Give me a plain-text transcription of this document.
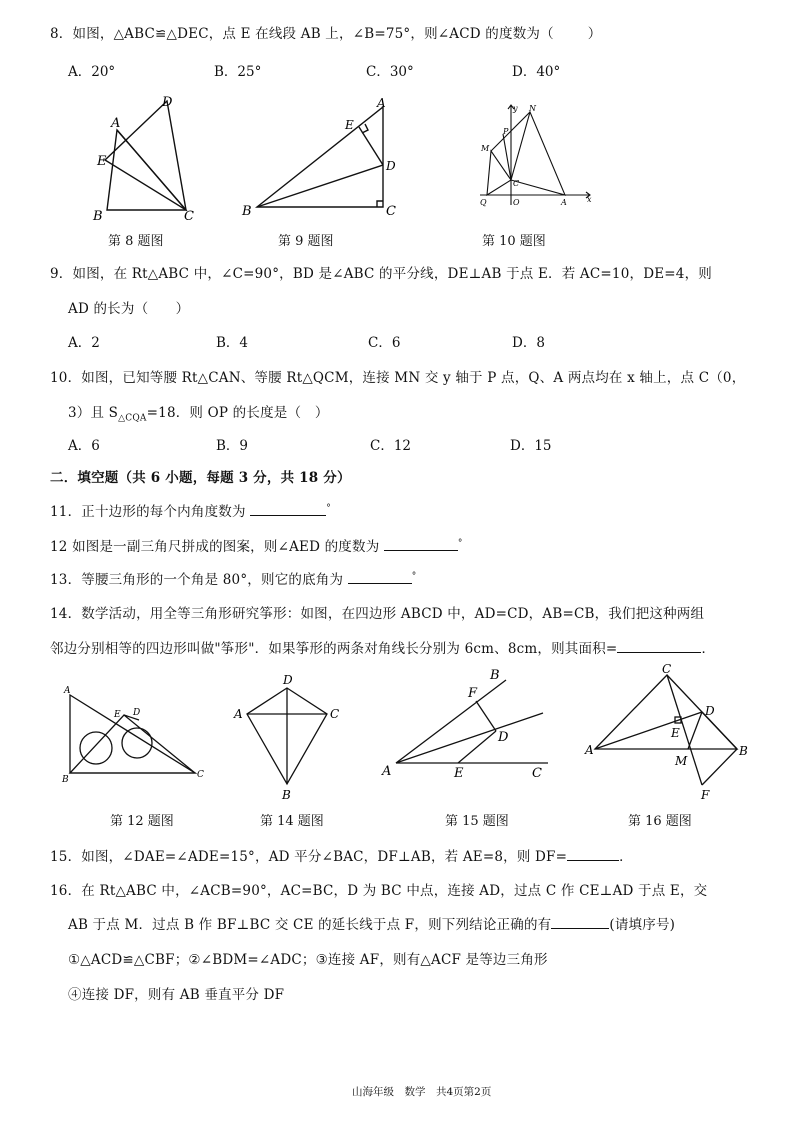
8．如图，△ABC≌△DEC，点 E 在线段 AB 上，∠B=75°，则∠ACD 的度数为（	）
A．20°	B．25°	C．30°	D．40°
A
D
E
B	C
第 8 题图
A
E
D
B	C
第 9 题图
y
x
N
M
P
C
Q	O	A
第 10 题图
9．如图，在 Rt△ABC 中，∠C=90°，BD 是∠ABC 的平分线，DE⊥AB 于点 E．若 AC=10，DE=4，则
AD 的长为（　　）
A．2	B．4	C．6	D．8
10．如图，已知等腰 Rt△CAN、等腰 Rt△QCM，连接 MN 交 y 轴于 P 点，Q、A 两点均在 x 轴上，点 C（0，
3）且 $S_{\triangle CQA}=18$．则 OP 的长度是（　）
A．6	B．9	C．12	D．15
二．填空题（共 6 小题，每题 3 分，共 18 分）
11．正十边形的每个内角度数为	°
12 如图是一副三角尺拼成的图案，则∠AED 的度数为	°
13．等腰三角形的一个角是 80°，则它的底角为	°
14．数学活动，用全等三角形研究筝形：如图，在四边形 ABCD 中，AD=CD，AB=CB，我们把这种两组
邻边分别相等的四边形叫做"筝形"．如果筝形的两条对角线长分别为 6cm、8cm，则其面积=	．
A
E D
B	C
第 12 题图
D
A	C
B
第 14 题图
A
B
F
D
E	C
第 15 题图
C
D
E
A
M
B
F
第 16 题图
15．如图，∠DAE=∠ADE=15°，AD 平分∠BAC，DF⊥AB，若 AE=8，则 DF=	．
16．在 Rt△ABC 中，∠ACB=90°，AC=BC，D 为 BC 中点，连接 AD，过点 C 作 CE⊥AD 于点 E，交
AB 于点 M．过点 B 作 BF⊥BC 交 CE 的延长线于点 F，则下列结论正确的有	(请填序号)
①△ACD≌△CBF；②∠BDM=∠ADC；③连接 AF，则有△ACF 是等边三角形
④连接 DF，则有 AB 垂直平分 DF
山海年级　数学　共4页第2页
